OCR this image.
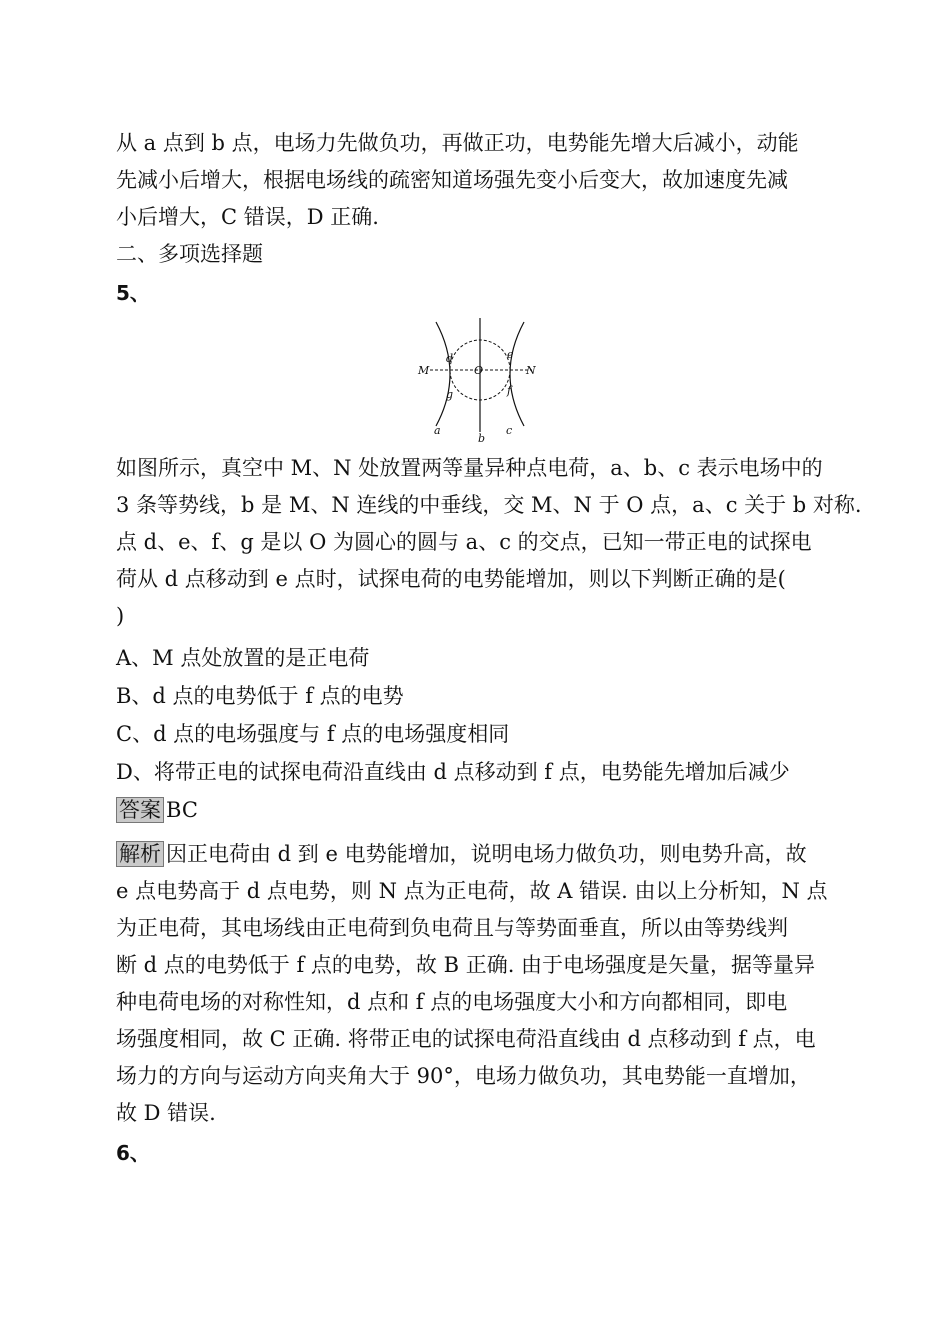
从 a 点到 b 点，电场力先做负功，再做正功，电势能先增大后减小，动能
先减小后增大，根据电场线的疏密知道场强先变小后变大，故加速度先减
小后增大，C 错误，D 正确.
二、多项选择题
5、
M	N
O
d	e
f
g
a
b
c
如图所示，真空中 M、N 处放置两等量异种点电荷，a、b、c 表示电场中的
3 条等势线，b 是 M、N 连线的中垂线，交 M、N 于 O 点，a、c 关于 b 对称.
点 d、e、f、g 是以 O 为圆心的圆与 a、c 的交点，已知一带正电的试探电
荷从 d 点移动到 e 点时，试探电荷的电势能增加，则以下判断正确的是(
)
A、M 点处放置的是正电荷
B、d 点的电势低于 f 点的电势
C、d 点的电场强度与 f 点的电场强度相同
D、将带正电的试探电荷沿直线由 d 点移动到 f 点，电势能先增加后减少
答案 BC
解析 因正电荷由 d 到 e 电势能增加，说明电场力做负功，则电势升高，故
e 点电势高于 d 点电势，则 N 点为正电荷，故 A 错误. 由以上分析知，N 点
为正电荷，其电场线由正电荷到负电荷且与等势面垂直，所以由等势线判
断 d 点的电势低于 f 点的电势，故 B 正确. 由于电场强度是矢量，据等量异
种电荷电场的对称性知，d 点和 f 点的电场强度大小和方向都相同，即电
场强度相同，故 C 正确. 将带正电的试探电荷沿直线由 d 点移动到 f 点，电
场力的方向与运动方向夹角大于 90°，电场力做负功，其电势能一直增加，
故 D 错误.
6、
